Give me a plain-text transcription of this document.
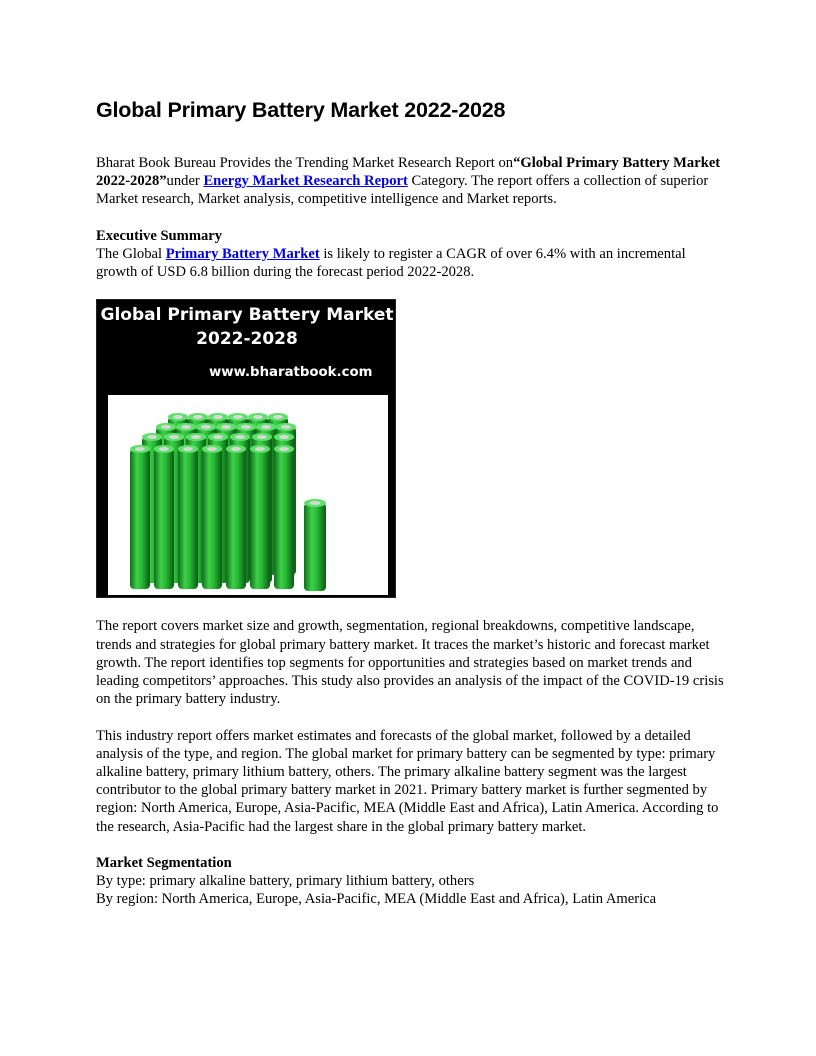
Global Primary Battery Market 2022-2028

Bharat Book Bureau Provides the Trending Market Research Report on“Global Primary Battery Market 2022-2028”under Energy Market Research Report Category. The report offers a collection of superior Market research, Market analysis, competitive intelligence and Market reports.

Executive Summary

The Global Primary Battery Market is likely to register a CAGR of over 6.4% with an incremental growth of USD 6.8 billion during the forecast period 2022-2028.

Global Primary Battery Market
2022-2028
www.bharatbook.com

The report covers market size and growth, segmentation, regional breakdowns, competitive landscape, trends and strategies for global primary battery market. It traces the market’s historic and forecast market growth. The report identifies top segments for opportunities and strategies based on market trends and leading competitors’ approaches. This study also provides an analysis of the impact of the COVID-19 crisis on the primary battery industry.

This industry report offers market estimates and forecasts of the global market, followed by a detailed analysis of the type, and region. The global market for primary battery can be segmented by type: primary alkaline battery, primary lithium battery, others. The primary alkaline battery segment was the largest contributor to the global primary battery market in 2021. Primary battery market is further segmented by region: North America, Europe, Asia-Pacific, MEA (Middle East and Africa), Latin America. According to the research, Asia-Pacific had the largest share in the global primary battery market.

Market Segmentation

By type: primary alkaline battery, primary lithium battery, others

By region: North America, Europe, Asia-Pacific, MEA (Middle East and Africa), Latin America
